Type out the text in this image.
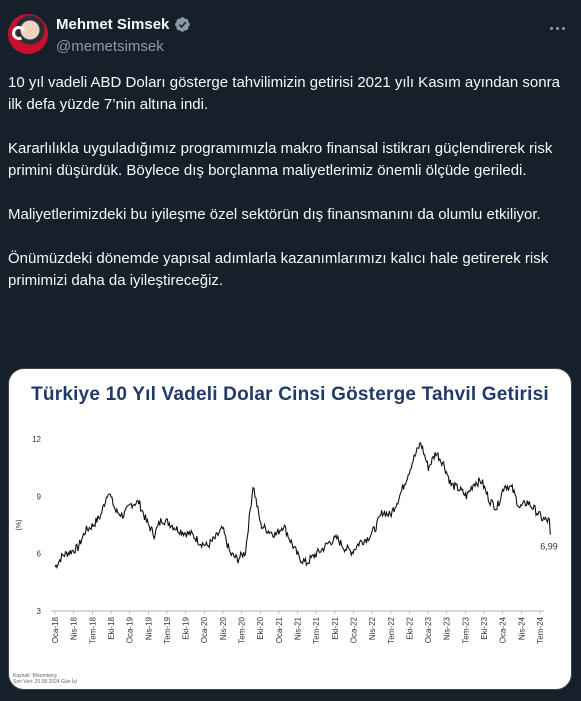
Mehmet Simsek
@memetsimsek

10 yıl vadeli ABD Doları gösterge tahvilimizin getirisi 2021 yılı Kasım ayından sonra ilk defa yüzde 7’nin altına indi.

Kararlılıkla uyguladığımız programımızla makro finansal istikrarı güçlendirerek risk primini düşürdük. Böylece dış borçlanma maliyetlerimiz önemli ölçüde geriledi.

Maliyetlerimizdeki bu iyileşme özel sektörün dış finansmanını da olumlu etkiliyor.

Önümüzdeki dönemde yapısal adımlarla kazanımlarımızı kalıcı hale getirerek risk primimizi daha da iyileştireceğiz.

Türkiye 10 Yıl Vadeli Dolar Cinsi Gösterge Tahvil Getirisi
(%)
3
6
9
12
Oca-18 Nis-18 Tem-18 Eki-18 Oca-19 Nis-19 Tem-19 Eki-19 Oca-20 Nis-20 Tem-20 Eki-20 Oca-21 Nis-21 Tem-21 Eki-21 Oca-22 Nis-22 Tem-22 Eki-22 Oca-23 Nis-23 Tem-23 Eki-23 Oca-24 Nis-24 Tem-24
6,99
Kaynak: Bloomberg
Son Veri: 20.08.2024 Gün İçi
